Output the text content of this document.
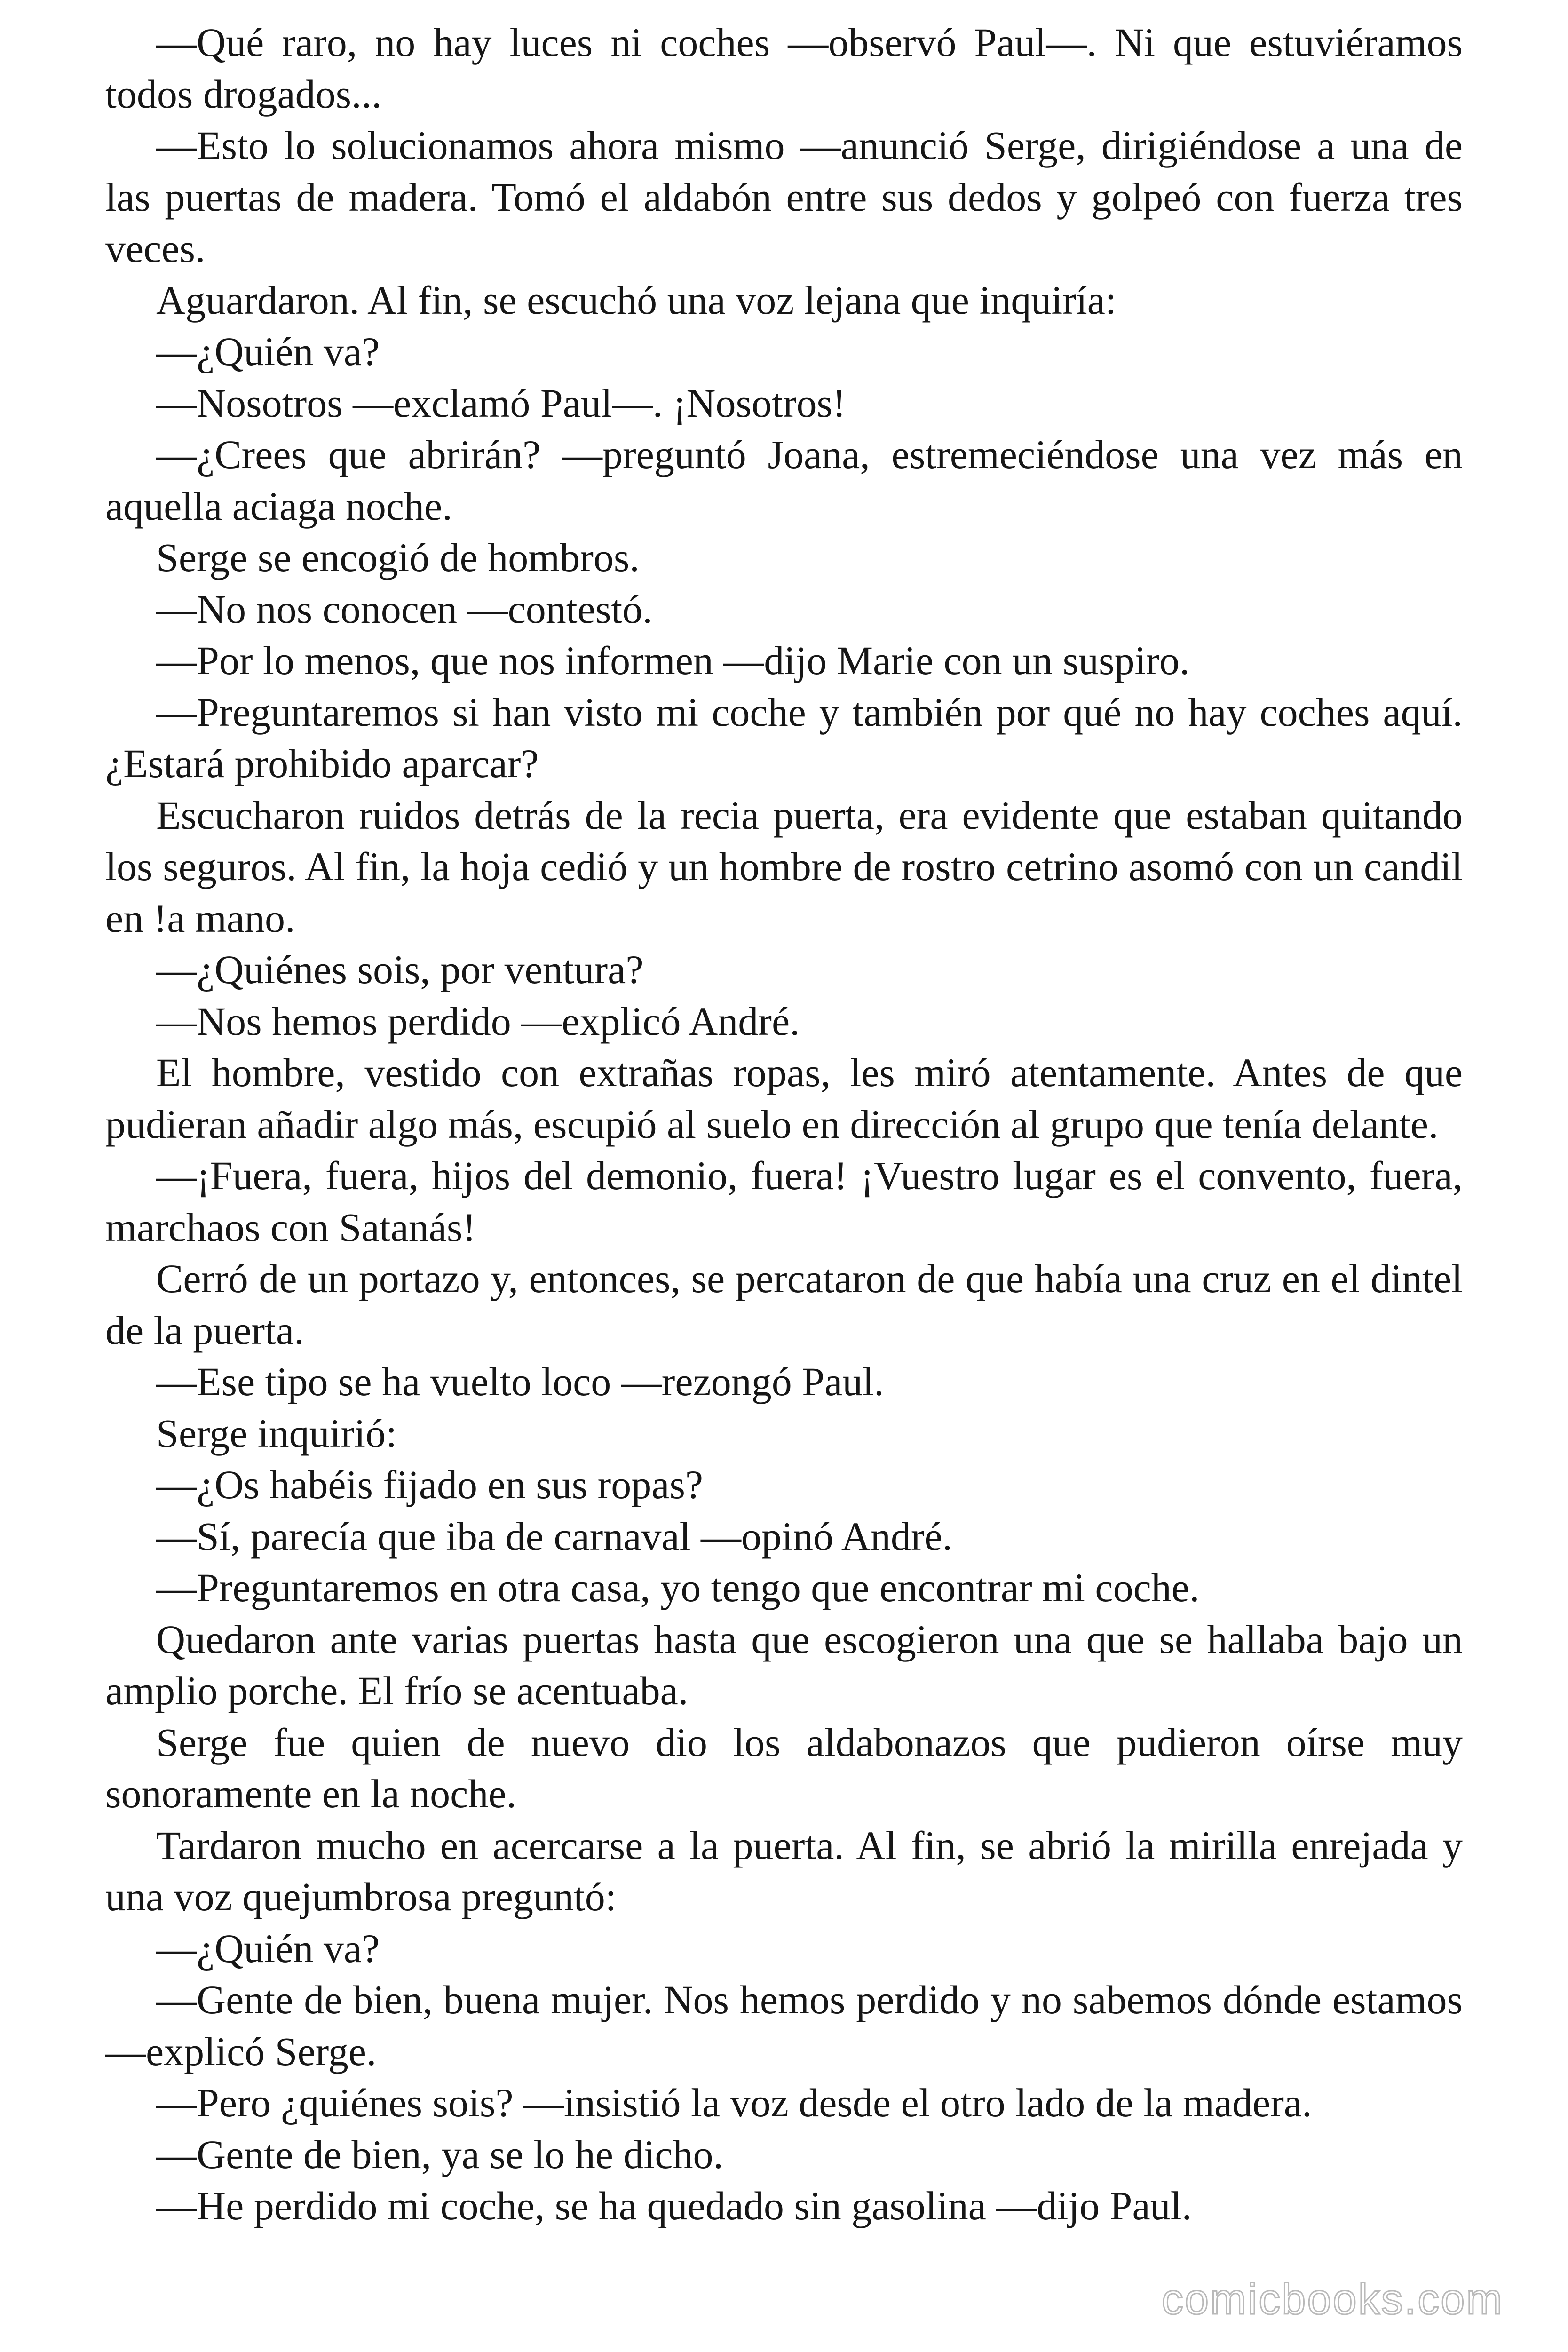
—Qué raro, no hay luces ni coches —observó Paul—. Ni que estuviéramos todos drogados...

—Esto lo solucionamos ahora mismo —anunció Serge, dirigiéndose a una de las puertas de madera. Tomó el aldabón entre sus dedos y golpeó con fuerza tres veces.

Aguardaron. Al fin, se escuchó una voz lejana que inquiría:

—¿Quién va?

—Nosotros —exclamó Paul—. ¡Nosotros!

—¿Crees que abrirán? —preguntó Joana, estremeciéndose una vez más en aquella aciaga noche.

Serge se encogió de hombros.

—No nos conocen —contestó.

—Por lo menos, que nos informen —dijo Marie con un suspiro.

—Preguntaremos si han visto mi coche y también por qué no hay coches aquí. ¿Estará prohibido aparcar?

Escucharon ruidos detrás de la recia puerta, era evidente que estaban quitando los seguros. Al fin, la hoja cedió y un hombre de rostro cetrino asomó con un candil en !a mano.

—¿Quiénes sois, por ventura?

—Nos hemos perdido —explicó André.

El hombre, vestido con extrañas ropas, les miró atentamente. Antes de que pudieran añadir algo más, escupió al suelo en dirección al grupo que tenía delante.

—¡Fuera, fuera, hijos del demonio, fuera! ¡Vuestro lugar es el convento, fuera, marchaos con Satanás!

Cerró de un portazo y, entonces, se percataron de que había una cruz en el dintel de la puerta.

—Ese tipo se ha vuelto loco —rezongó Paul.

Serge inquirió:

—¿Os habéis fijado en sus ropas?

—Sí, parecía que iba de carnaval —opinó André.

—Preguntaremos en otra casa, yo tengo que encontrar mi coche.

Quedaron ante varias puertas hasta que escogieron una que se hallaba bajo un amplio porche. El frío se acentuaba.

Serge fue quien de nuevo dio los aldabonazos que pudieron oírse muy sonoramente en la noche.

Tardaron mucho en acercarse a la puerta. Al fin, se abrió la mirilla enrejada y una voz quejumbrosa preguntó:

—¿Quién va?

—Gente de bien, buena mujer. Nos hemos perdido y no sabemos dónde estamos —explicó Serge.

—Pero ¿quiénes sois? —insistió la voz desde el otro lado de la madera.

—Gente de bien, ya se lo he dicho.

—He perdido mi coche, se ha quedado sin gasolina —dijo Paul.

comicbooks.com
